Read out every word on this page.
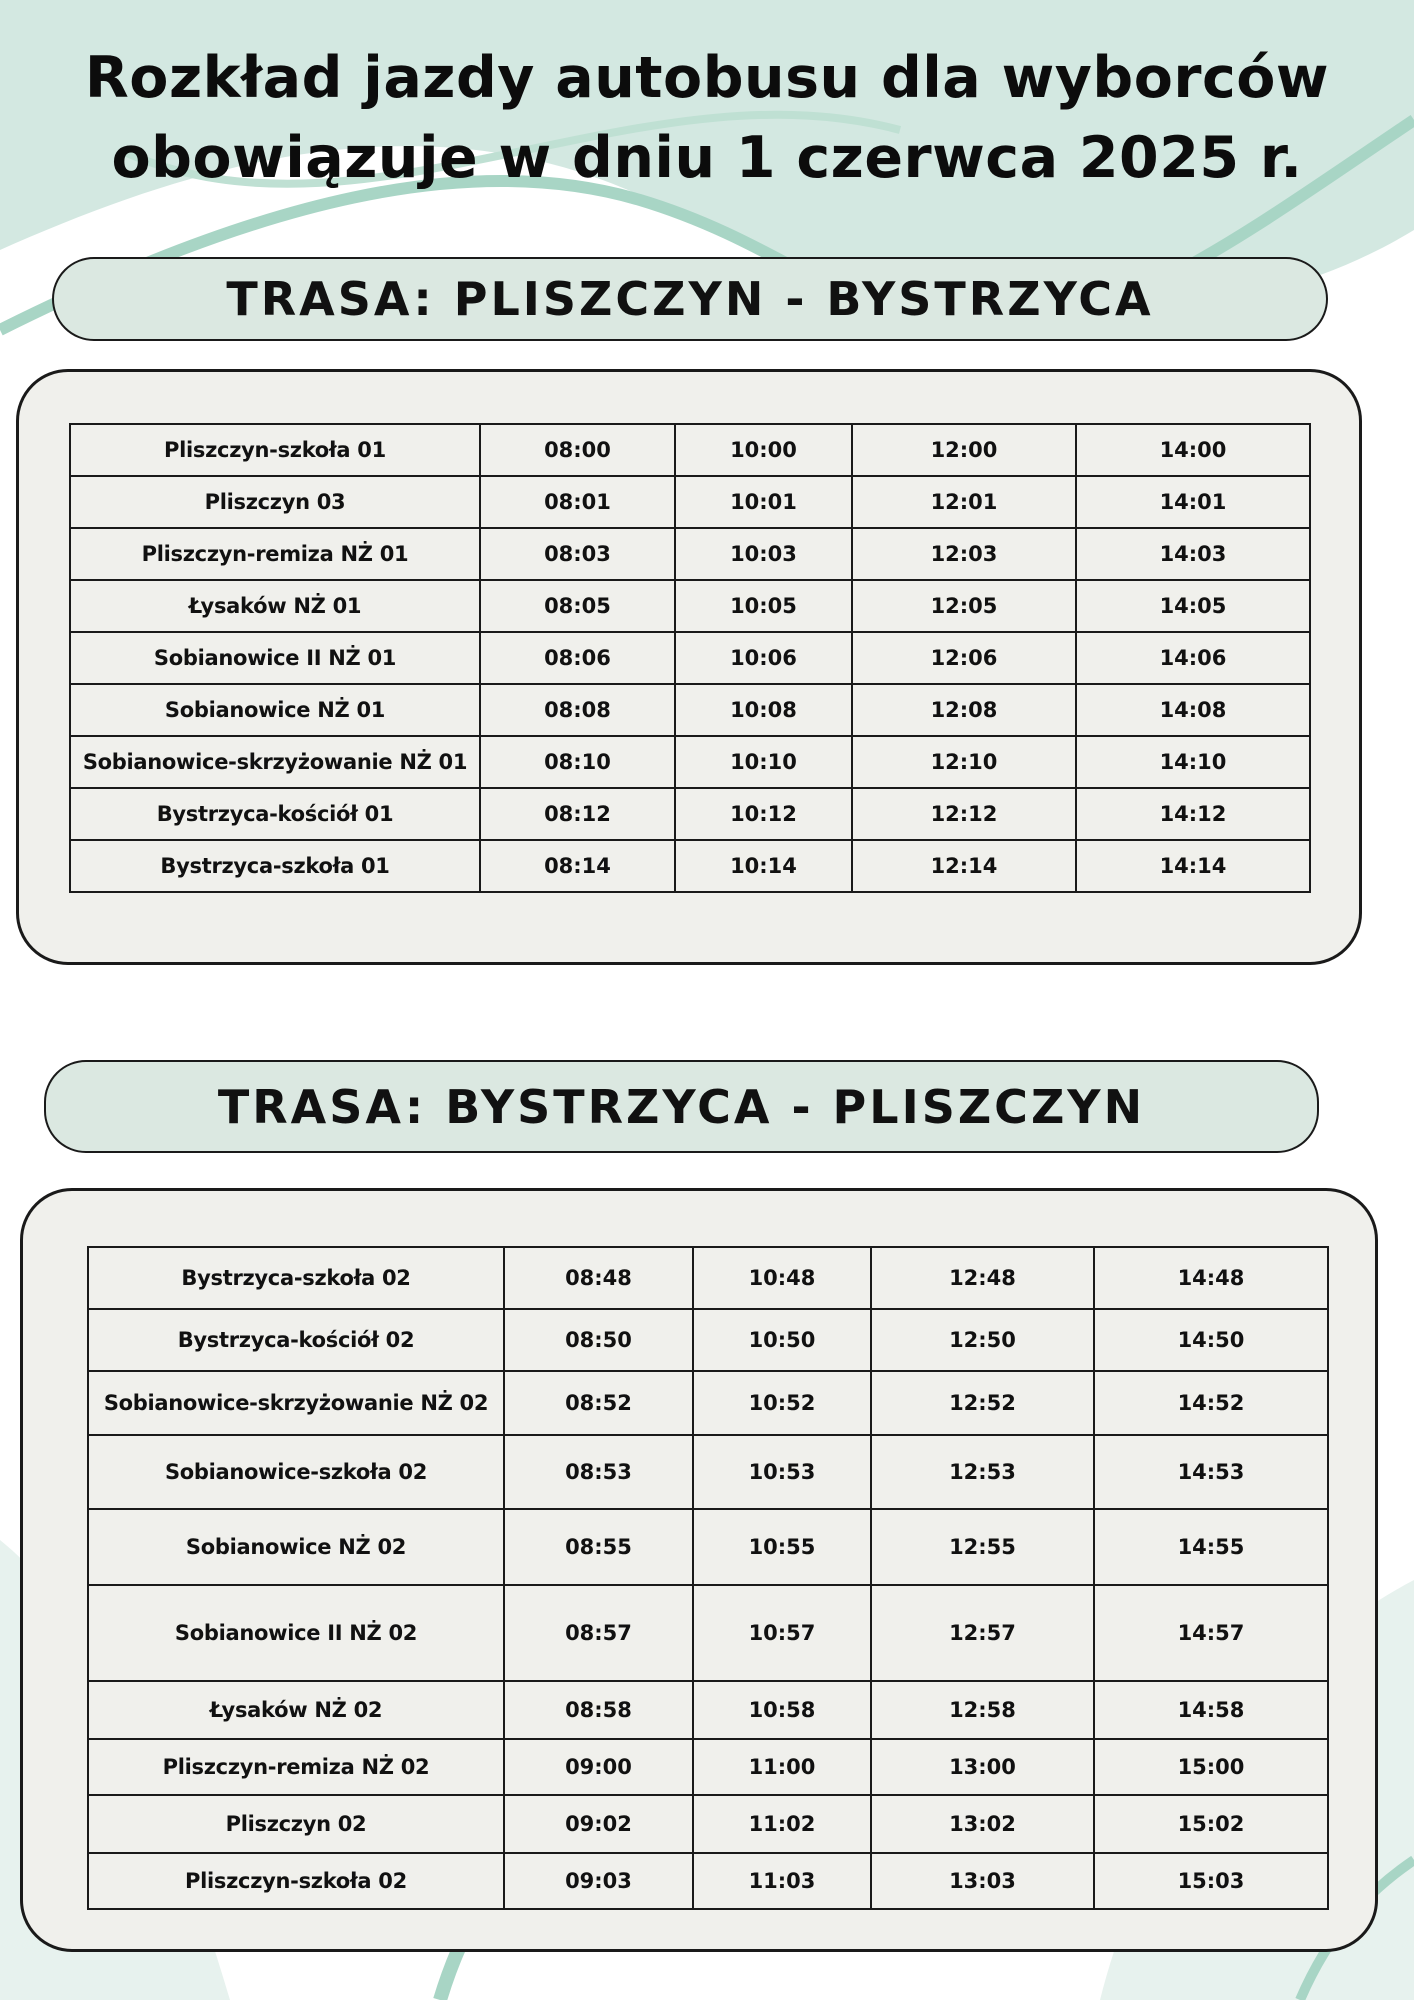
Rozkład jazdy autobusu dla wyborców
obowiązuje w dniu 1 czerwca 2025 r.
TRASA: PLISZCZYN - BYSTRZYCA
Pliszczyn-szkoła 01	08:00	10:00	12:00	14:00
Pliszczyn 03	08:01	10:01	12:01	14:01
Pliszczyn-remiza NŻ 01	08:03	10:03	12:03	14:03
Łysaków NŻ 01	08:05	10:05	12:05	14:05
Sobianowice II NŻ 01	08:06	10:06	12:06	14:06
Sobianowice NŻ 01	08:08	10:08	12:08	14:08
Sobianowice-skrzyżowanie NŻ 01	08:10	10:10	12:10	14:10
Bystrzyca-kościół 01	08:12	10:12	12:12	14:12
Bystrzyca-szkoła 01	08:14	10:14	12:14	14:14
TRASA: BYSTRZYCA - PLISZCZYN
Bystrzyca-szkoła 02	08:48	10:48	12:48	14:48
Bystrzyca-kościół 02	08:50	10:50	12:50	14:50
Sobianowice-skrzyżowanie NŻ 02	08:52	10:52	12:52	14:52
Sobianowice-szkoła 02	08:53	10:53	12:53	14:53
Sobianowice NŻ 02	08:55	10:55	12:55	14:55
Sobianowice II NŻ 02	08:57	10:57	12:57	14:57
Łysaków NŻ 02	08:58	10:58	12:58	14:58
Pliszczyn-remiza NŻ 02	09:00	11:00	13:00	15:00
Pliszczyn 02	09:02	11:02	13:02	15:02
Pliszczyn-szkoła 02	09:03	11:03	13:03	15:03
